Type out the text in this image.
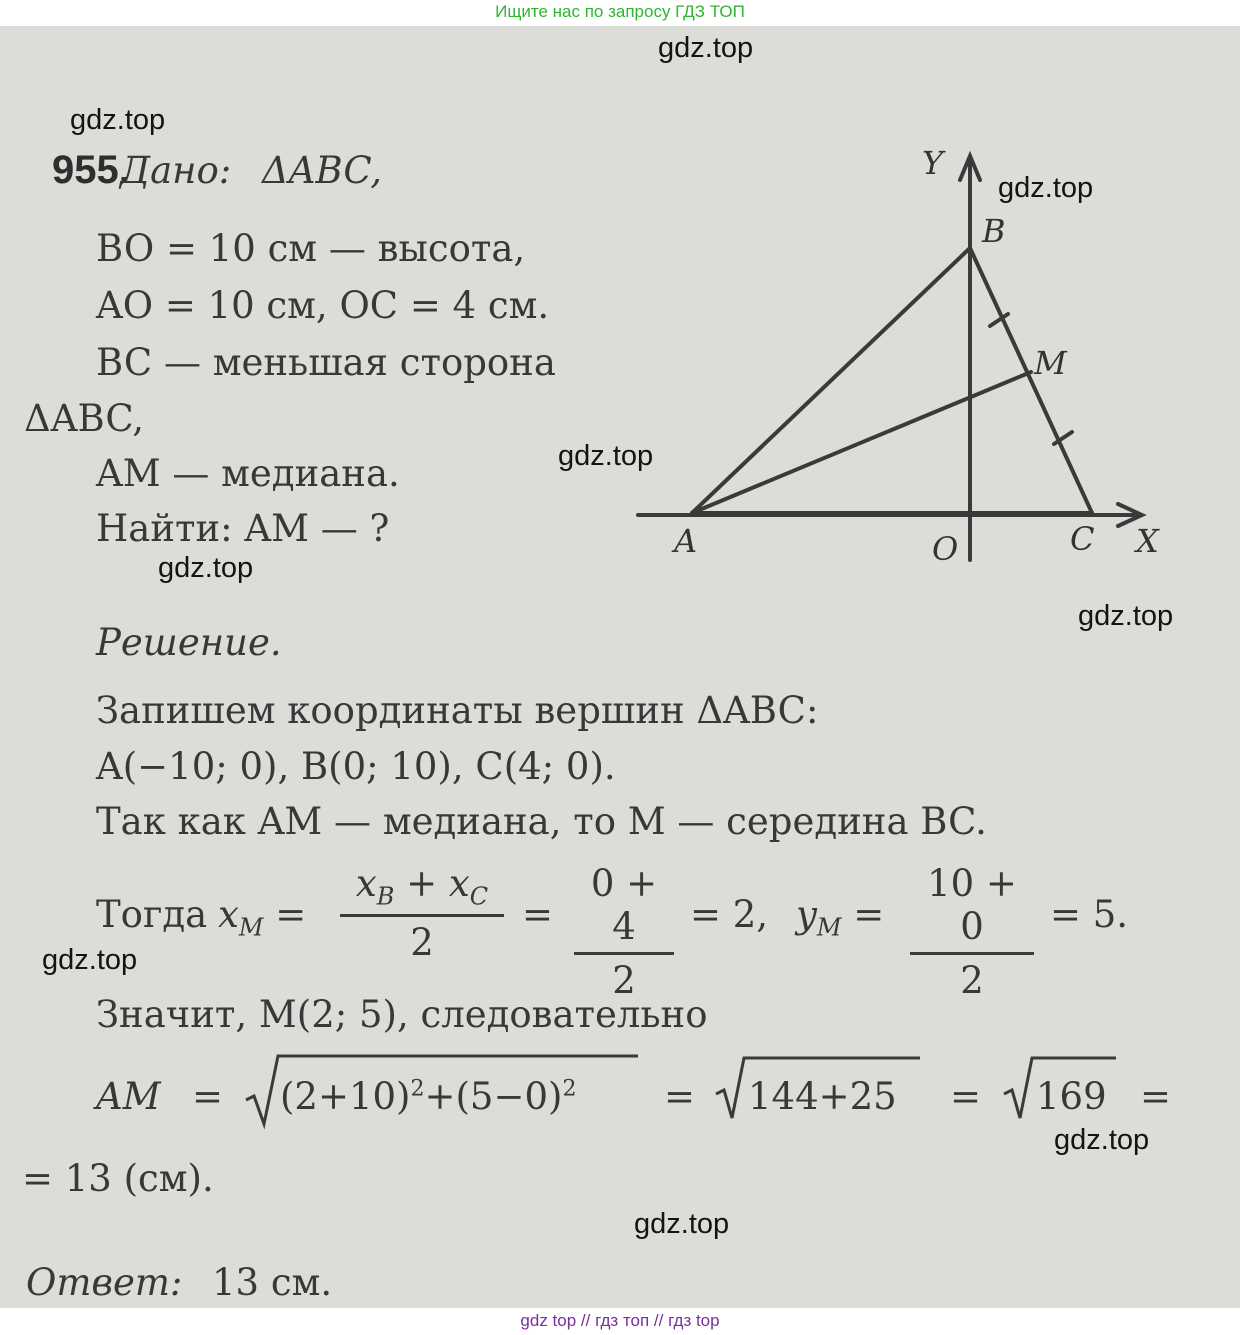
Ищите нас по запросу ГДЗ ТОП
gdz.top
gdz.top
gdz.top
gdz.top
gdz.top
gdz.top
gdz.top
gdz.top
gdz.top
955.
Дано: ΔABC,
BO = 10 см — высота,
AO = 10 см, OC = 4 см.
BC — меньшая сторона
ΔABC,
AM — медиана.
Найти: AM — ?
Y
B
M
A	O	C X
Решение.
Запишем координаты вершин ΔABC:
A(−10; 0), B(0; 10), C(4; 0).
Так как AM — медиана, то M — середина BC.
Тогда $x_M$ =
$x_B + x_C$
2
=
0 + 4
2
= 2, $y_M$ =
10 + 0
2
= 5.
Значит, M(2; 5), следовательно
AM = $(2+10)^2+(5-0)^2 = 144+25 = 169$ =
= 13 (см).
Ответ: 13 см.
gdz top // гдз топ // гдз top
